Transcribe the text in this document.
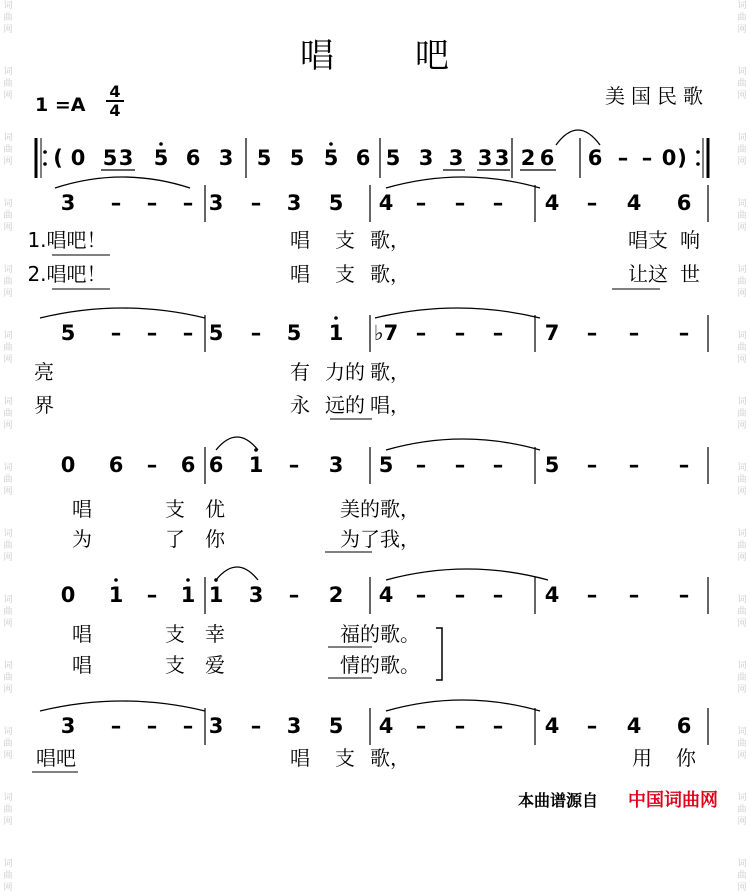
词
曲
网
词
曲
网
词
曲
网
词
曲
网
词
曲
网
词
曲
网
词
曲
网
词
曲
网
词
曲
网
词
曲
网
词
曲
网
词
曲
网
词
曲
网
词
曲
网
词
曲
网
词
曲
网
词
曲
网
词
曲
网
词
曲
网
词
曲
网
词
曲
网
词
曲
网
词
曲
网
词
曲
网
词
曲
网
词
曲
网
词
曲
网
词
曲
网
唱 吧
1 =A
4
4
美国民歌
( 0 5 3 5 6 3 5 5 5 6 5 3 3 3 3 2 6 6 – – 0 )
3 – – – 3 – 3 5 4 – – – 4 – 4 6
1.唱吧！	唱 支 歌，	唱支 响
2.唱吧！	唱 支 歌，	让这 世
5 – – – 5 – 5 1 ♭7 – – – 7 – – –
亮	有 力的 歌，
界	永 远的 唱，
0 6 – 6 6 1 – 3 5 – – – 5 – – –
唱	支 优	美的 歌，
为	了 你	为了 我，
0 1 – 1 1 3 – 2 4 – – – 4 – – –
唱	支 幸	福的 歌。
唱	支 爱	情的 歌。
3 – – – 3 – 3 5 4 – – – 4 – 4 6
唱吧	唱 支 歌，	用 你
本曲谱源自 中国词曲网
